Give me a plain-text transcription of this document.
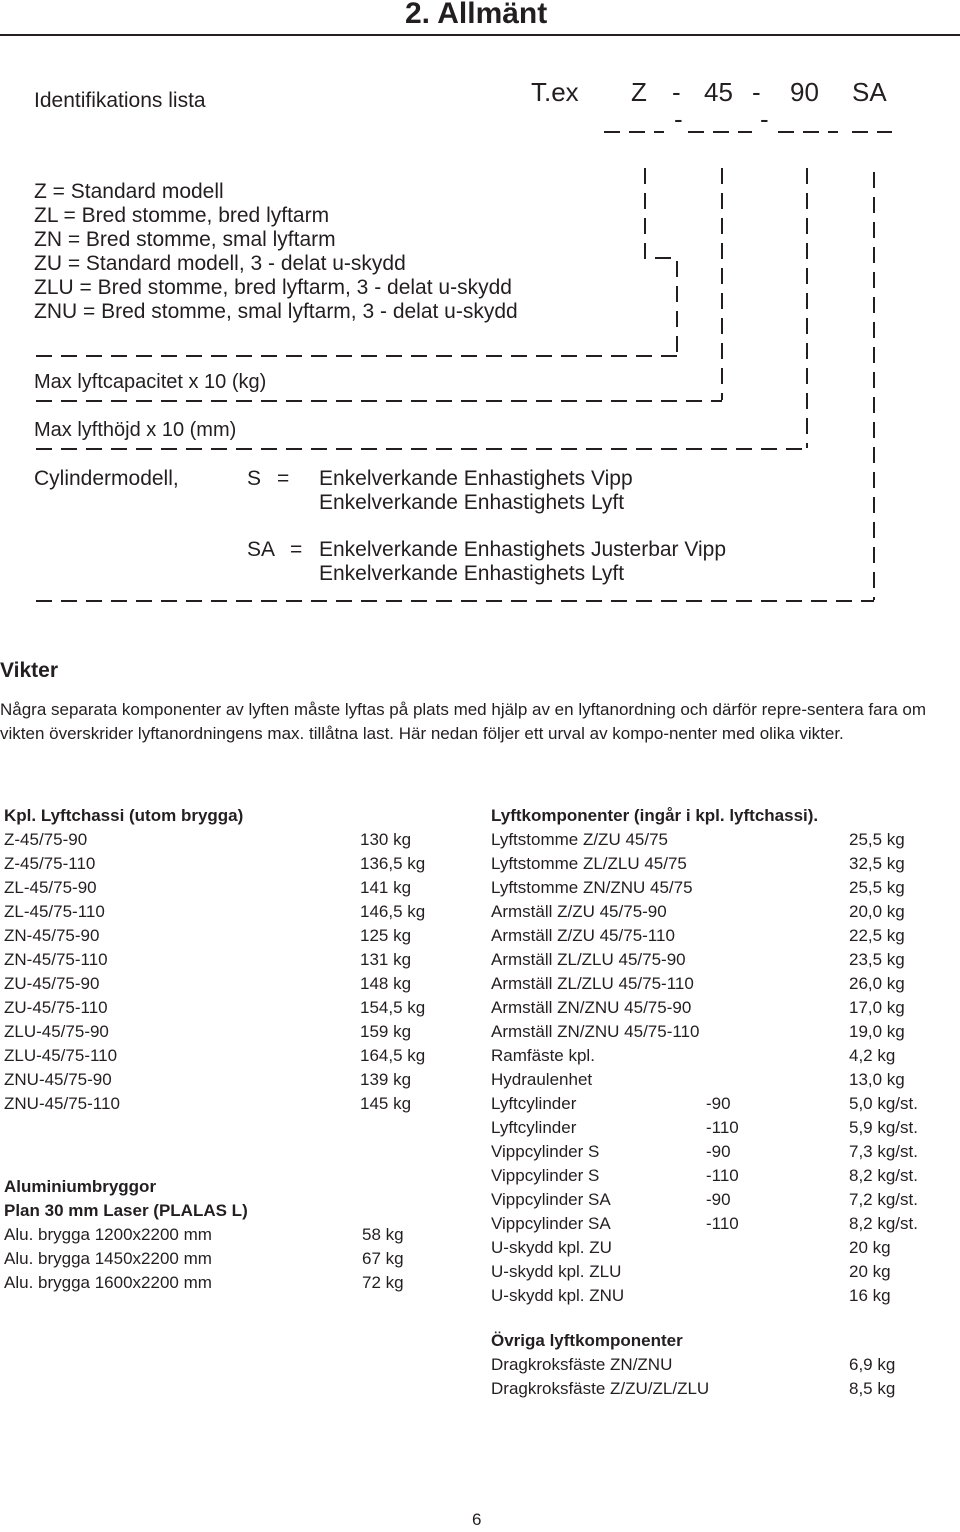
2. Allmänt
Identifikations lista	T.ex Z - 45 - 90 SA
-	-
Z = Standard modell
ZL = Bred stomme, bred lyftarm
ZN = Bred stomme, smal lyftarm
ZU = Standard modell, 3 - delat u-skydd
ZLU = Bred stomme, bred lyftarm, 3 - delat u-skydd
ZNU = Bred stomme, smal lyftarm, 3 - delat u-skydd
Max lyftcapacitet x 10 (kg)
Max lyfthöjd x 10 (mm)
Cylindermodell,	S = Enkelverkande Enhastighets Vipp
Enkelverkande Enhastighets Lyft
SA = Enkelverkande Enhastighets Justerbar Vipp
Enkelverkande Enhastighets Lyft
Vikter
Några separata komponenter av lyften måste lyftas på plats med hjälp av en lyftanordning och därför repre-sentera fara om vikten överskrider lyftanordningens max. tillåtna last. Här nedan följer ett urval av kompo-nenter med olika vikter.
Kpl. Lyftchassi (utom brygga)
Z-45/75-90	130 kg
Z-45/75-110	136,5 kg
ZL-45/75-90	141 kg
ZL-45/75-110	146,5 kg
ZN-45/75-90	125 kg
ZN-45/75-110	131 kg
ZU-45/75-90	148 kg
ZU-45/75-110	154,5 kg
ZLU-45/75-90	159 kg
ZLU-45/75-110	164,5 kg
ZNU-45/75-90	139 kg
ZNU-45/75-110	145 kg
Aluminiumbryggor
Plan 30 mm Laser (PLALAS L)
Alu. brygga 1200x2200 mm	58 kg
Alu. brygga 1450x2200 mm	67 kg
Alu. brygga 1600x2200 mm	72 kg
Lyftkomponenter (ingår i kpl. lyftchassi).
Lyftstomme Z/ZU 45/75	25,5 kg
Lyftstomme ZL/ZLU 45/75	32,5 kg
Lyftstomme ZN/ZNU 45/75	25,5 kg
Armställ Z/ZU 45/75-90	20,0 kg
Armställ Z/ZU 45/75-110	22,5 kg
Armställ ZL/ZLU 45/75-90	23,5 kg
Armställ ZL/ZLU 45/75-110	26,0 kg
Armställ ZN/ZNU 45/75-90	17,0 kg
Armställ ZN/ZNU 45/75-110	19,0 kg
Ramfäste kpl.	4,2 kg
Hydraulenhet	13,0 kg
Lyftcylinder	-90	5,0 kg/st.
Lyftcylinder	-110	5,9 kg/st.
Vippcylinder S	-90	7,3 kg/st.
Vippcylinder S	-110	8,2 kg/st.
Vippcylinder SA	-90	7,2 kg/st.
Vippcylinder SA	-110	8,2 kg/st.
U-skydd kpl. ZU	20 kg
U-skydd kpl. ZLU	20 kg
U-skydd kpl. ZNU	16 kg
Övriga lyftkomponenter
Dragkroksfäste ZN/ZNU	6,9 kg
Dragkroksfäste Z/ZU/ZL/ZLU	8,5 kg
6
